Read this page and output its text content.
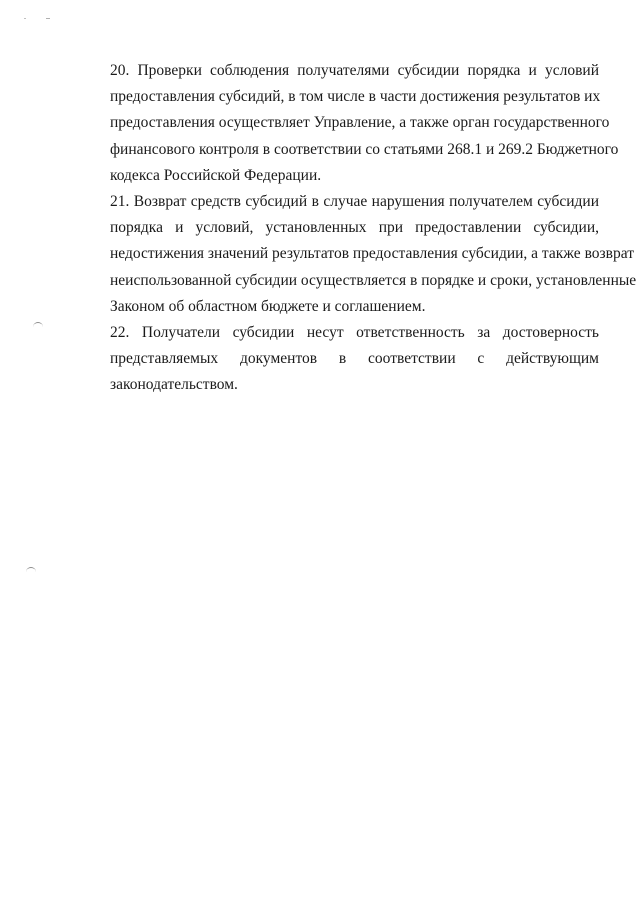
20. Проверки соблюдения получателями субсидии порядка и условий
предоставления субсидий, в том числе в части достижения результатов их
предоставления осуществляет Управление, а также орган государственного
финансового контроля в соответствии со статьями 268.1 и 269.2 Бюджетного
кодекса Российской Федерации.
21. Возврат средств субсидий в случае нарушения получателем субсидии
порядка и условий, установленных при предоставлении субсидии,
недостижения значений результатов предоставления субсидии, а также возврат
неиспользованной субсидии осуществляется в порядке и сроки, установленные
Законом об областном бюджете и соглашением.
22. Получатели субсидии несут ответственность за достоверность
представляемых документов в соответствии с действующим
законодательством.
